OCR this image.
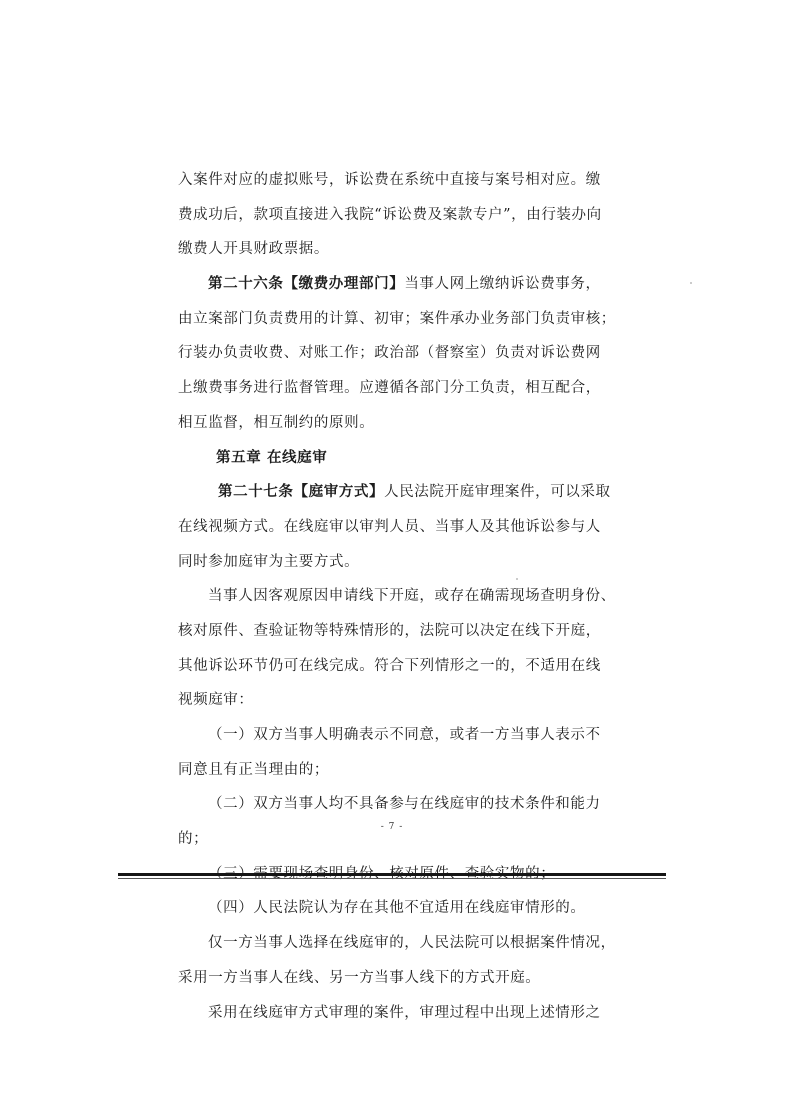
入案件对应的虚拟账号，诉讼费在系统中直接与案号相对应。缴
费成功后，款项直接进入我院“诉讼费及案款专户”，由行装办向
缴费人开具财政票据。
第二十六条【缴费办理部门】当事人网上缴纳诉讼费事务，
由立案部门负责费用的计算、初审；案件承办业务部门负责审核；
行装办负责收费、对账工作；政治部（督察室）负责对诉讼费网
上缴费事务进行监督管理。应遵循各部门分工负责，相互配合，
相互监督，相互制约的原则。
第五章 在线庭审
第二十七条【庭审方式】人民法院开庭审理案件，可以采取
在线视频方式。在线庭审以审判人员、当事人及其他诉讼参与人
同时参加庭审为主要方式。
当事人因客观原因申请线下开庭，或存在确需现场查明身份、
核对原件、查验证物等特殊情形的，法院可以决定在线下开庭，
其他诉讼环节仍可在线完成。符合下列情形之一的，不适用在线
视频庭审：
（一）双方当事人明确表示不同意，或者一方当事人表示不
同意且有正当理由的；
（二）双方当事人均不具备参与在线庭审的技术条件和能力
的；
（三）需要现场查明身份、核对原件、查验实物的；
（四）人民法院认为存在其他不宜适用在线庭审情形的。
仅一方当事人选择在线庭审的，人民法院可以根据案件情况，
采用一方当事人在线、另一方当事人线下的方式开庭。
采用在线庭审方式审理的案件，审理过程中出现上述情形之
- 7 -
